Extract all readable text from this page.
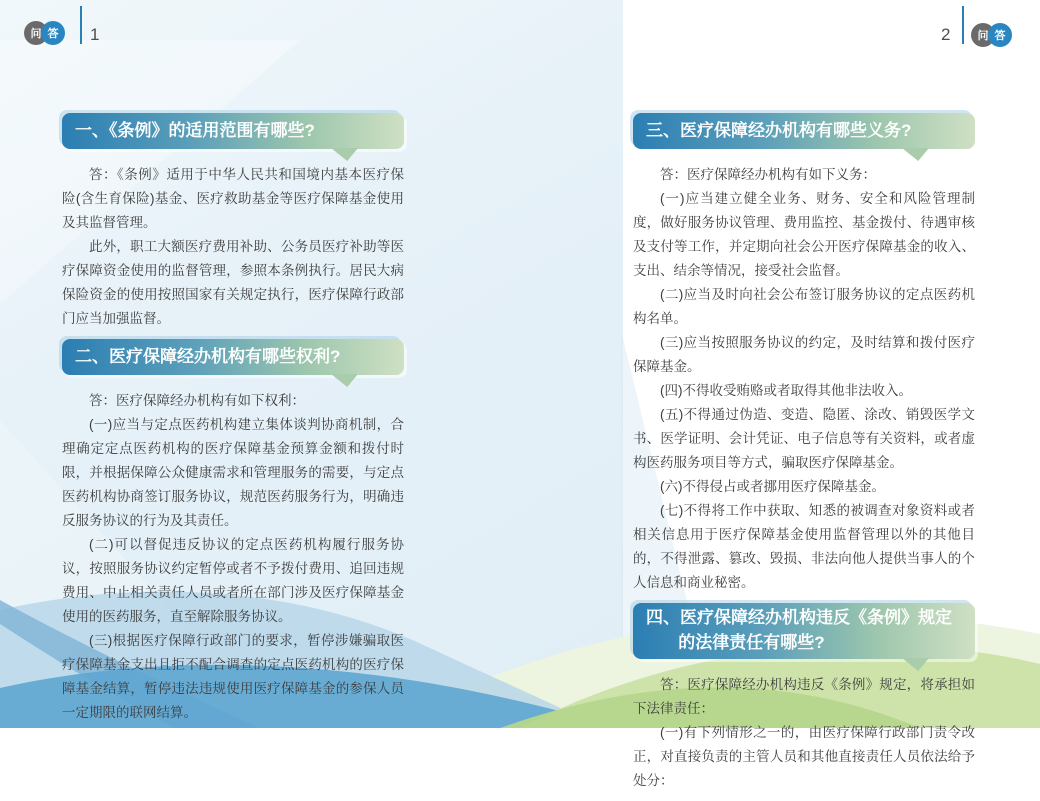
问 答	1	2	问 答
一、《条例》的适用范围有哪些?

答：《条例》适用于中华人民共和国境内基本医疗保险(含生育保险)基金、医疗救助基金等医疗保障基金使用及其监督管理。

此外，职工大额医疗费用补助、公务员医疗补助等医疗保障资金使用的监督管理，参照本条例执行。居民大病保险资金的使用按照国家有关规定执行，医疗保障行政部门应当加强监督。

二、医疗保障经办机构有哪些权利?

答：医疗保障经办机构有如下权利：

(一)应当与定点医药机构建立集体谈判协商机制，合理确定定点医药机构的医疗保障基金预算金额和拨付时限，并根据保障公众健康需求和管理服务的需要，与定点医药机构协商签订服务协议，规范医药服务行为，明确违反服务协议的行为及其责任。

(二)可以督促违反协议的定点医药机构履行服务协议，按照服务协议约定暂停或者不予拨付费用、追回违规费用、中止相关责任人员或者所在部门涉及医疗保障基金使用的医药服务，直至解除服务协议。

(三)根据医疗保障行政部门的要求，暂停涉嫌骗取医疗保障基金支出且拒不配合调查的定点医药机构的医疗保障基金结算，暂停违法违规使用医疗保障基金的参保人员一定期限的联网结算。

三、医疗保障经办机构有哪些义务?

答：医疗保障经办机构有如下义务：

(一)应当建立健全业务、财务、安全和风险管理制度，做好服务协议管理、费用监控、基金拨付、待遇审核及支付等工作，并定期向社会公开医疗保障基金的收入、支出、结余等情况，接受社会监督。

(二)应当及时向社会公布签订服务协议的定点医药机构名单。

(三)应当按照服务协议的约定，及时结算和拨付医疗保障基金。

(四)不得收受贿赂或者取得其他非法收入。

(五)不得通过伪造、变造、隐匿、涂改、销毁医学文书、医学证明、会计凭证、电子信息等有关资料，或者虚构医药服务项目等方式，骗取医疗保障基金。

(六)不得侵占或者挪用医疗保障基金。

(七)不得将工作中获取、知悉的被调查对象资料或者相关信息用于医疗保障基金使用监督管理以外的其他目的，不得泄露、篡改、毁损、非法向他人提供当事人的个人信息和商业秘密。

四、医疗保障经办机构违反《条例》规定的法律责任有哪些?

答：医疗保障经办机构违反《条例》规定，将承担如下法律责任：

(一)有下列情形之一的，由医疗保障行政部门责令改正，对直接负责的主管人员和其他直接责任人员依法给予处分：
